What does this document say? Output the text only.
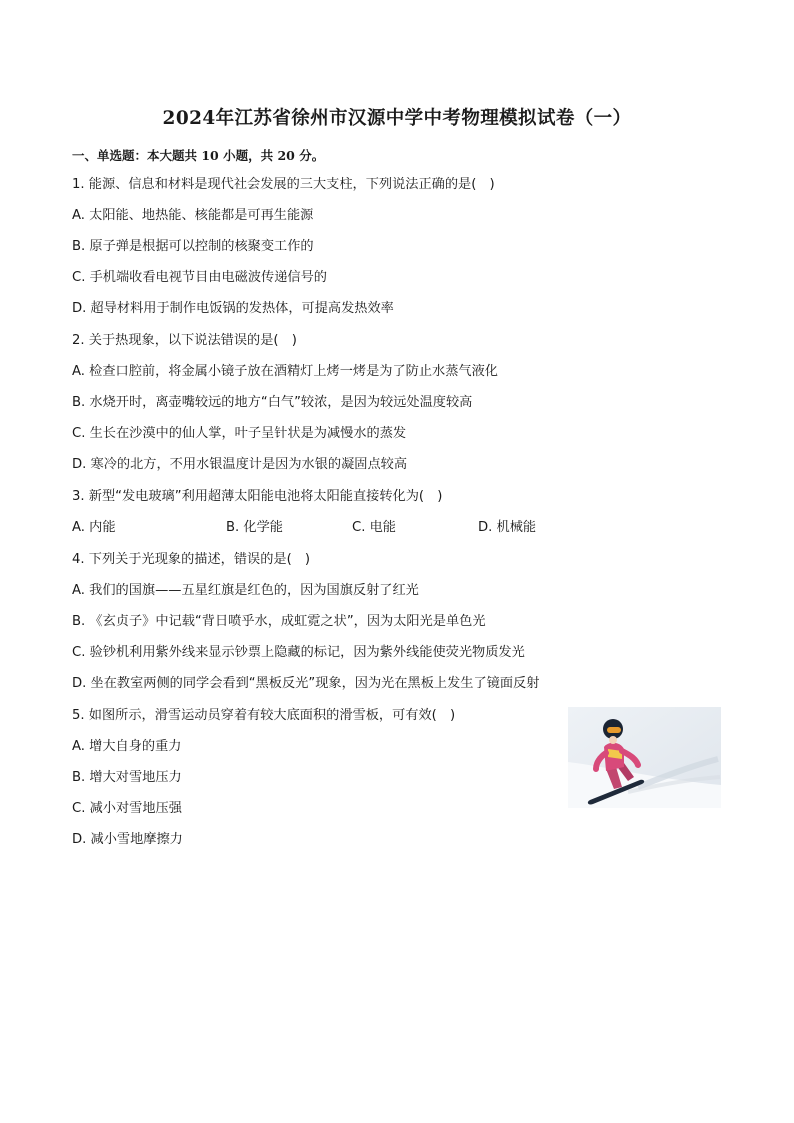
2024年江苏省徐州市汉源中学中考物理模拟试卷（一）
一、单选题：本大题共 10 小题，共 20 分。
1. 能源、信息和材料是现代社会发展的三大支柱，下列说法正确的是(　)
A. 太阳能、地热能、核能都是可再生能源
B. 原子弹是根据可以控制的核聚变工作的
C. 手机端收看电视节目由电磁波传递信号的
D. 超导材料用于制作电饭锅的发热体，可提高发热效率
2. 关于热现象，以下说法错误的是(　)
A. 检查口腔前，将金属小镜子放在酒精灯上烤一烤是为了防止水蒸气液化
B. 水烧开时，离壶嘴较远的地方“白气”较浓，是因为较远处温度较高
C. 生长在沙漠中的仙人掌，叶子呈针状是为减慢水的蒸发
D. 寒冷的北方，不用水银温度计是因为水银的凝固点较高
3. 新型“发电玻璃”利用超薄太阳能电池将太阳能直接转化为(　)
A. 内能	B. 化学能	C. 电能	D. 机械能
4. 下列关于光现象的描述，错误的是(　)
A. 我们的国旗——五星红旗是红色的，因为国旗反射了红光
B. 《玄贞子》中记载“背日喷乎水，成虹霓之状”，因为太阳光是单色光
C. 验钞机利用紫外线来显示钞票上隐藏的标记，因为紫外线能使荧光物质发光
D. 坐在教室两侧的同学会看到“黑板反光”现象，因为光在黑板上发生了镜面反射
5. 如图所示，滑雪运动员穿着有较大底面积的滑雪板，可有效(　)
A. 增大自身的重力
B. 增大对雪地压力
C. 减小对雪地压强
D. 减小雪地摩擦力
